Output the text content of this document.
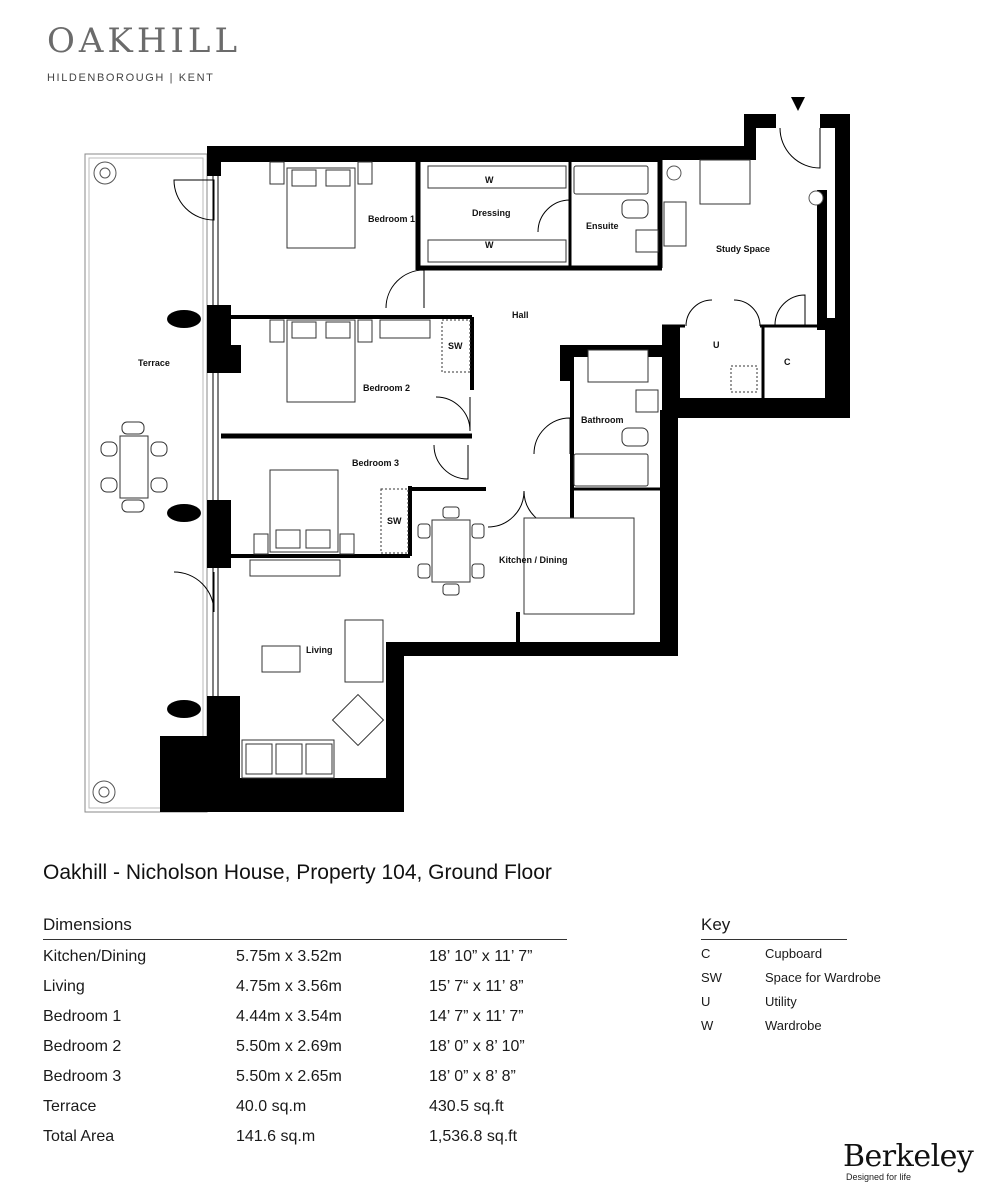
OAKHILL
HILDENBOROUGH | KENT
Bedroom 1
Dressing
Ensuite
Study Space
Hall
Terrace
Bedroom 2
Bedroom 3
Bathroom
Kitchen / Dining
Living
W
W
SW
SW
U
C
Oakhill - Nicholson House, Property 104, Ground Floor
Dimensions
Kitchen/Dining	5.75m x 3.52m	18’ 10” x 11’ 7”
Living	4.75m x 3.56m	15’ 7“ x 11’ 8”
Bedroom 1	4.44m x 3.54m	14’ 7” x 11’ 7”
Bedroom 2	5.50m x 2.69m	18’ 0” x 8’ 10”
Bedroom 3	5.50m x 2.65m	18’ 0” x 8’ 8”
Terrace	40.0 sq.m	430.5 sq.ft
Total Area	141.6 sq.m	1,536.8 sq.ft
Key
C	Cupboard
SW	Space for Wardrobe
U	Utility
W	Wardrobe
Berkeley
Designed for life
